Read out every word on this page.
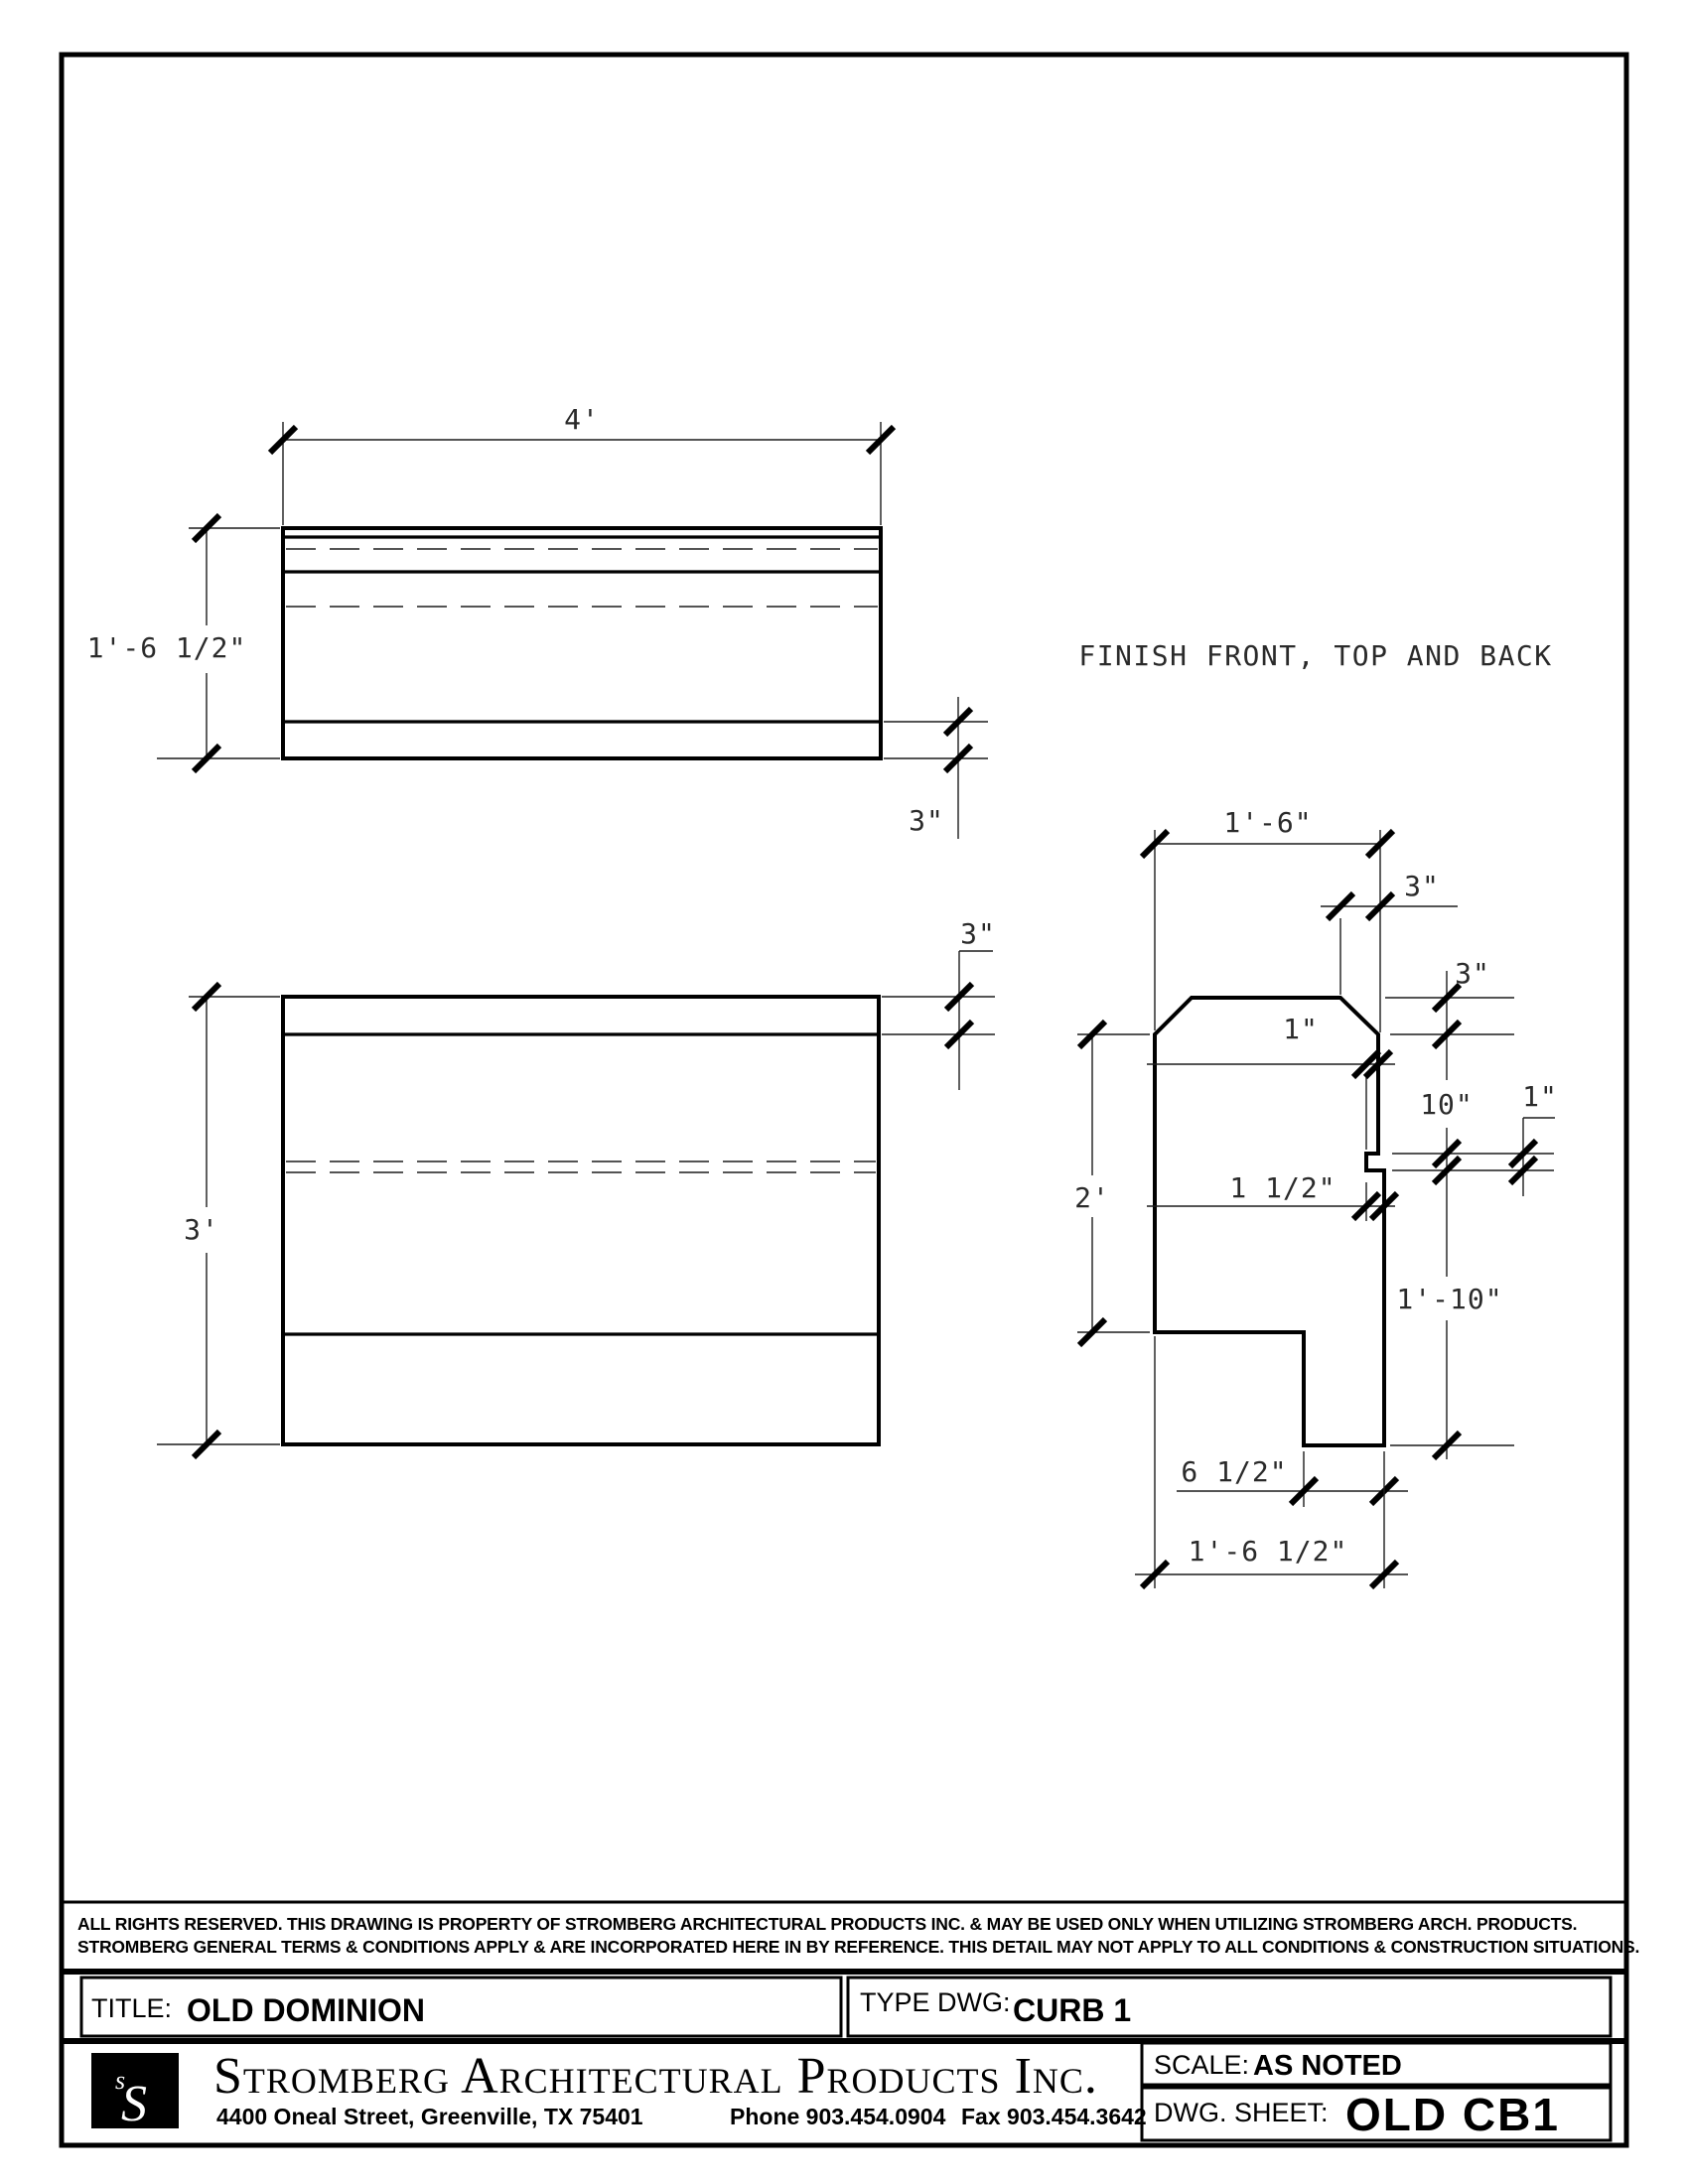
4'
1'-6 1/2"
3"
FINISH FRONT, TOP AND BACK
3'
3"
1'-6"
3"
3"
10" 1"
2'
1"
1 1/2"
1'-10"
6 1/2"
1'-6 1/2"
ALL RIGHTS RESERVED. THIS DRAWING IS PROPERTY OF STROMBERG ARCHITECTURAL PRODUCTS INC. & MAY BE USED ONLY WHEN UTILIZING STROMBERG ARCH. PRODUCTS.
STROMBERG GENERAL TERMS & CONDITIONS APPLY & ARE INCORPORATED HERE IN BY REFERENCE. THIS DETAIL MAY NOT APPLY TO ALL CONDITIONS & CONSTRUCTION SITUATIONS.
TITLE: OLD DOMINION	TYPE DWG: CURB 1
s
S Stromberg Architectural Products Inc.
4400 Oneal Street, Greenville, TX 75401	Phone 903.454.0904 Fax 903.454.3642
SCALE: AS NOTED
DWG. SHEET: OLD CB1
